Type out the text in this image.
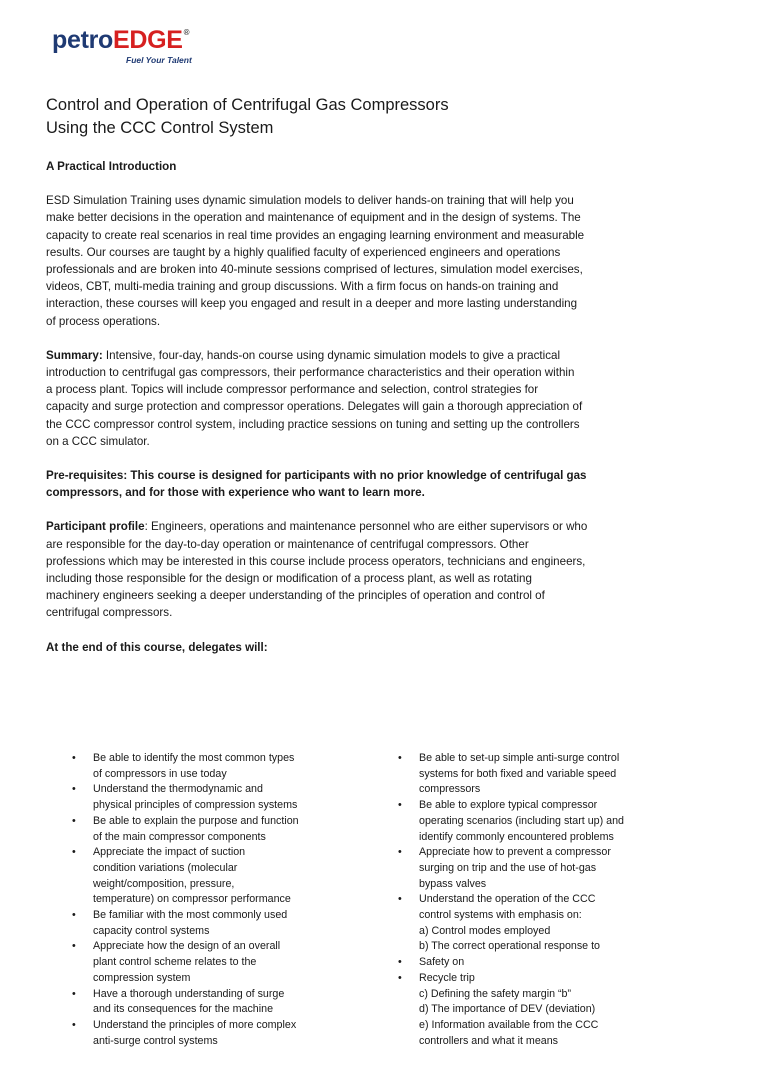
petroEDGE®
Fuel Your Talent
Control and Operation of Centrifugal Gas Compressors
Using the CCC Control System
A Practical Introduction
ESD Simulation Training uses dynamic simulation models to deliver hands-on training that will help you
make better decisions in the operation and maintenance of equipment and in the design of systems. The
capacity to create real scenarios in real time provides an engaging learning environment and measurable
results. Our courses are taught by a highly qualified faculty of experienced engineers and operations
professionals and are broken into 40-minute sessions comprised of lectures, simulation model exercises,
videos, CBT, multi-media training and group discussions. With a firm focus on hands-on training and
interaction, these courses will keep you engaged and result in a deeper and more lasting understanding
of process operations.
Summary: Intensive, four-day, hands-on course using dynamic simulation models to give a practical
introduction to centrifugal gas compressors, their performance characteristics and their operation within
a process plant. Topics will include compressor performance and selection, control strategies for
capacity and surge protection and compressor operations. Delegates will gain a thorough appreciation of
the CCC compressor control system, including practice sessions on tuning and setting up the controllers
on a CCC simulator.
Pre-requisites: This course is designed for participants with no prior knowledge of centrifugal gas
compressors, and for those with experience who want to learn more.
Participant profile: Engineers, operations and maintenance personnel who are either supervisors or who
are responsible for the day-to-day operation or maintenance of centrifugal compressors. Other
professions which may be interested in this course include process operators, technicians and engineers,
including those responsible for the design or modification of a process plant, as well as rotating
machinery engineers seeking a deeper understanding of the principles of operation and control of
centrifugal compressors.
At the end of this course, delegates will:
•	Be able to identify the most common types
of compressors in use today
•	Understand the thermodynamic and
physical principles of compression systems
•	Be able to explain the purpose and function
of the main compressor components
•	Appreciate the impact of suction
condition variations (molecular
weight/composition, pressure,
temperature) on compressor performance
•	Be familiar with the most commonly used
capacity control systems
•	Appreciate how the design of an overall
plant control scheme relates to the
compression system
•	Have a thorough understanding of surge
and its consequences for the machine
•	Understand the principles of more complex
anti-surge control systems
•	Be able to set-up simple anti-surge control
systems for both fixed and variable speed
compressors
•	Be able to explore typical compressor
operating scenarios (including start up) and
identify commonly encountered problems
•	Appreciate how to prevent a compressor
surging on trip and the use of hot-gas
bypass valves
•	Understand the operation of the CCC
control systems with emphasis on:
a) Control modes employed
b) The correct operational response to
•	Safety on
•	Recycle trip
c) Defining the safety margin “b”
d) The importance of DEV (deviation)
e) Information available from the CCC
controllers and what it means
